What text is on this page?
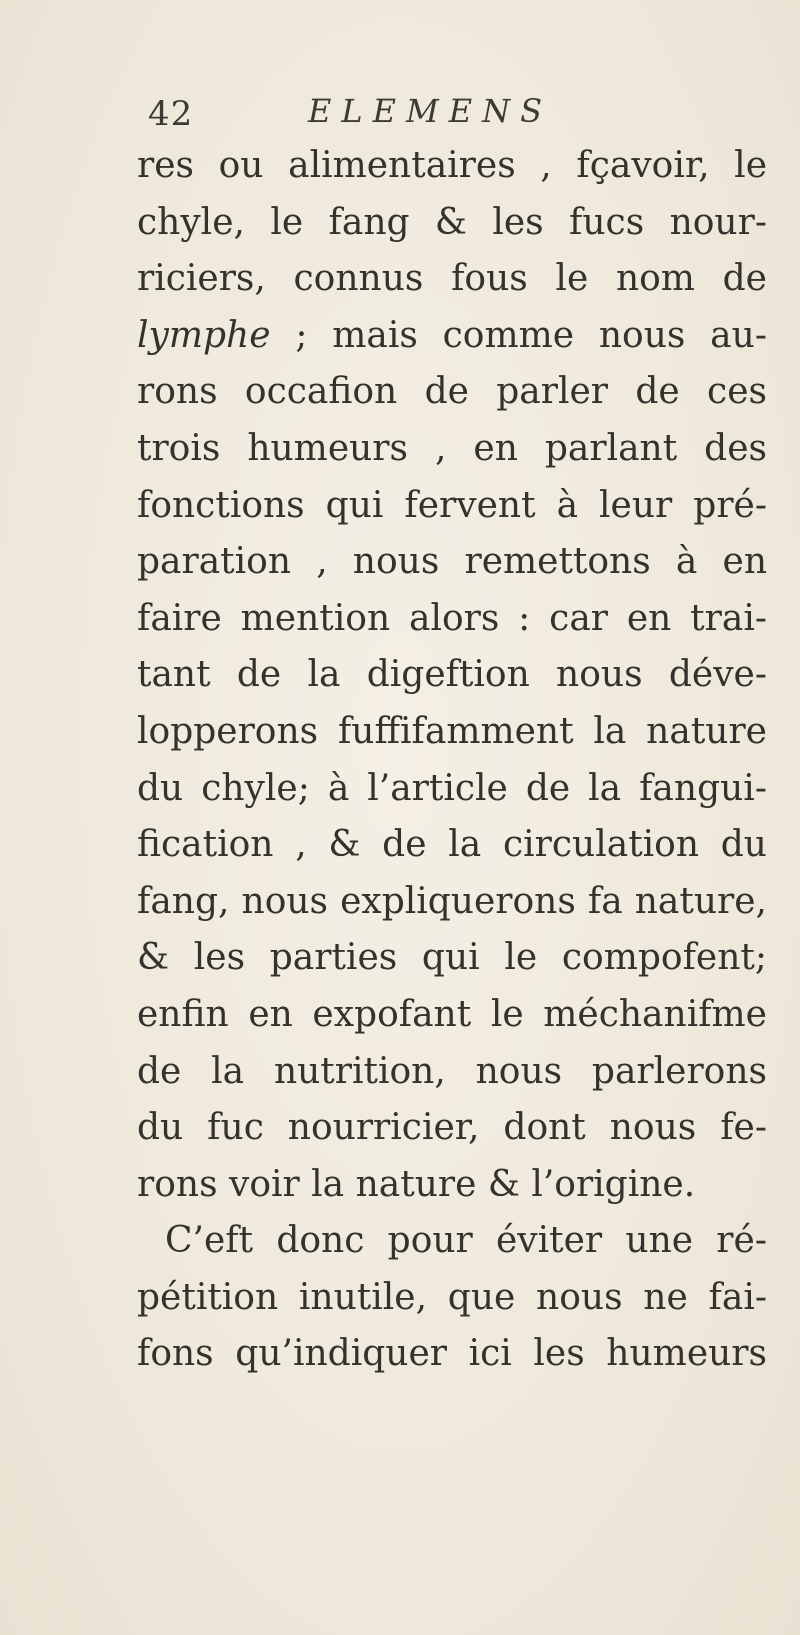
42	ELEMENS
res ou alimentaires , fçavoir, le
chyle, le fang & les fucs nour-
riciers, connus fous le nom de
lymphe ; mais comme nous au-
rons occafion de parler de ces
trois humeurs , en parlant des
fonctions qui fervent à leur pré-
paration , nous remettons à en
faire mention alors : car en trai-
tant de la digeftion nous déve-
lopperons fuffifamment la nature
du chyle; à l’article de la fangui-
fication , & de la circulation du
fang, nous expliquerons fa nature,
& les parties qui le compofent;
enfin en expofant le méchanifme
de la nutrition, nous parlerons
du fuc nourricier, dont nous fe-
rons voir la nature & l’origine.
C’eft donc pour éviter une ré-
pétition inutile, que nous ne fai-
fons qu’indiquer ici les humeurs
